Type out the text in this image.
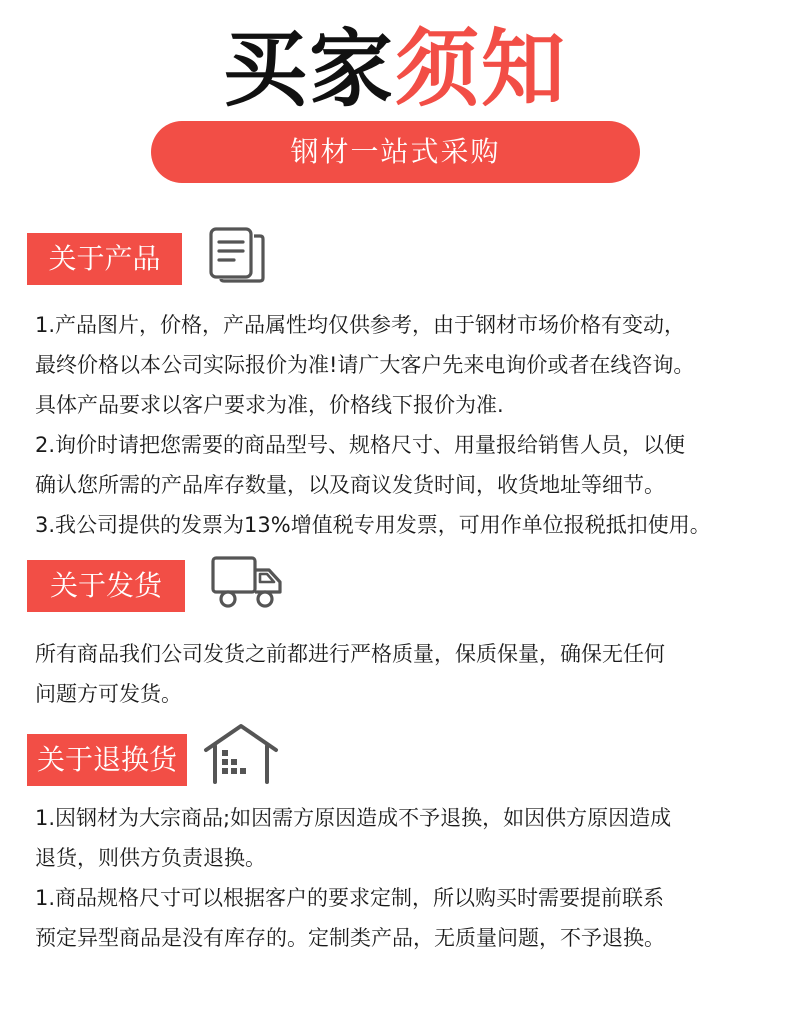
买家须知
钢材一站式采购
关于产品
1.产品图片，价格，产品属性均仅供参考，由于钢材市场价格有变动，
最终价格以本公司实际报价为准!请广大客户先来电询价或者在线咨询。
具体产品要求以客户要求为准，价格线下报价为准.
2.询价时请把您需要的商品型号、规格尺寸、用量报给销售人员，以便
确认您所需的产品库存数量，以及商议发货时间，收货地址等细节。
3.我公司提供的发票为13%增值税专用发票，可用作单位报税抵扣使用。
关于发货
所有商品我们公司发货之前都进行严格质量，保质保量，确保无任何
问题方可发货。
关于退换货
1.因钢材为大宗商品;如因需方原因造成不予退换，如因供方原因造成
退货，则供方负责退换。
1.商品规格尺寸可以根据客户的要求定制，所以购买时需要提前联系
预定异型商品是没有库存的。定制类产品，无质量问题，不予退换。
